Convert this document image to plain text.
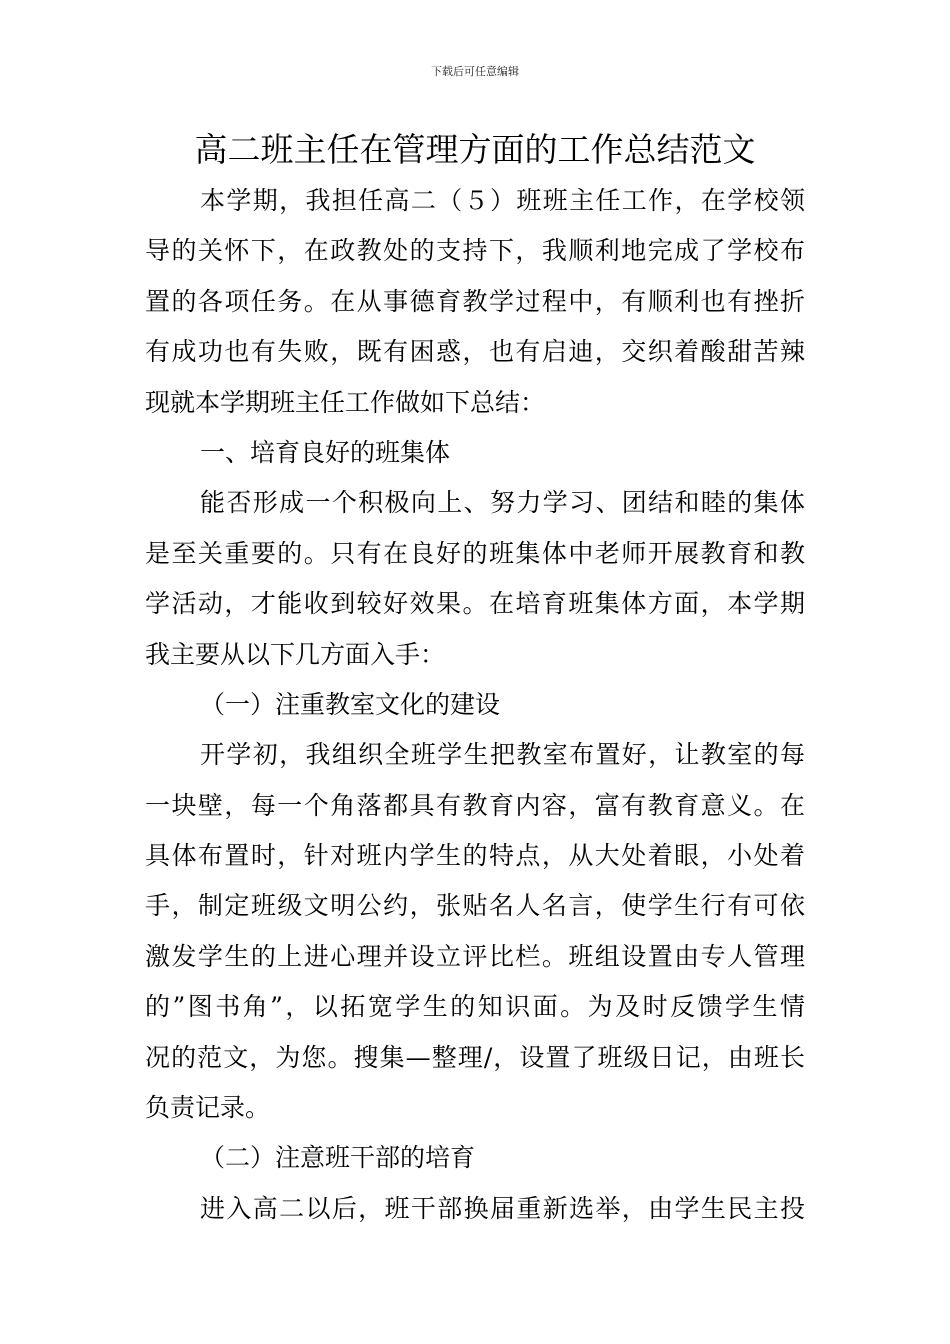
下载后可任意编辑
高二班主任在管理方面的工作总结范文
本学期，我担任高二（５）班班主任工作，在学校领
导的关怀下，在政教处的支持下，我顺利地完成了学校布
置的各项任务。在从事德育教学过程中，有顺利也有挫折
有成功也有失败，既有困惑，也有启迪，交织着酸甜苦辣
现就本学期班主任工作做如下总结：
一、培育良好的班集体
能否形成一个积极向上、努力学习、团结和睦的集体
是至关重要的。只有在良好的班集体中老师开展教育和教
学活动，才能收到较好效果。在培育班集体方面，本学期
我主要从以下几方面入手：
（一）注重教室文化的建设
开学初，我组织全班学生把教室布置好，让教室的每
一块壁，每一个角落都具有教育内容，富有教育意义。在
具体布置时，针对班内学生的特点，从大处着眼，小处着
手，制定班级文明公约，张贴名人名言，使学生行有可依
激发学生的上进心理并设立评比栏。班组设置由专人管理
的”图书角”，以拓宽学生的知识面。为及时反馈学生情
况的范文，为您。搜集—整理/，设置了班级日记，由班长
负责记录。
（二）注意班干部的培育
进入高二以后，班干部换届重新选举，由学生民主投
